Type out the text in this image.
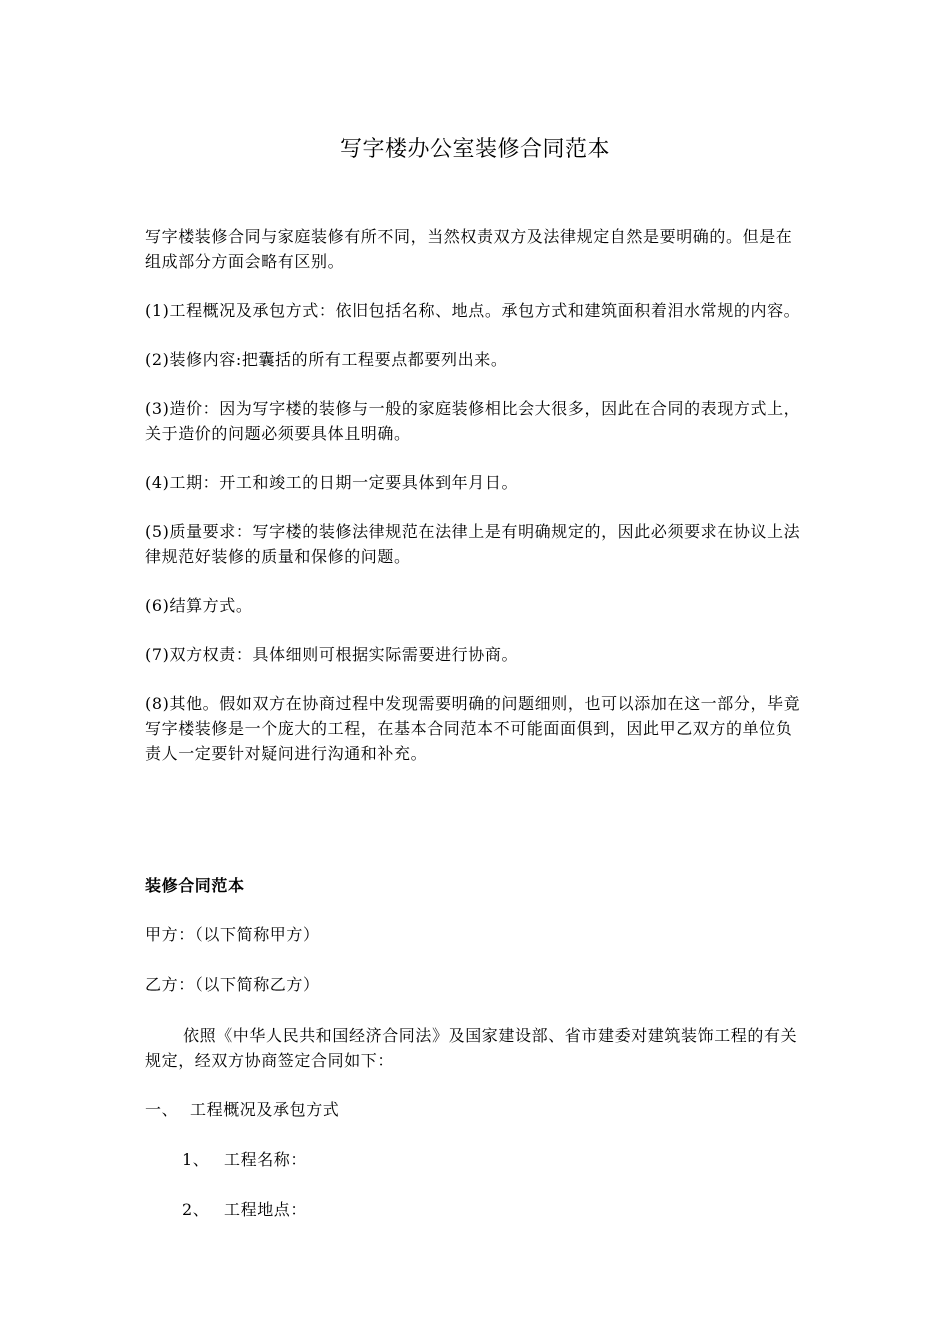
写字楼办公室装修合同范本

写字楼装修合同与家庭装修有所不同，当然权责双方及法律规定自然是要明确的。但是在组成部分方面会略有区别。

(1)工程概况及承包方式：依旧包括名称、地点。承包方式和建筑面积着泪水常规的内容。

(2)装修内容:把囊括的所有工程要点都要列出来。

(3)造价：因为写字楼的装修与一般的家庭装修相比会大很多，因此在合同的表现方式上，关于造价的问题必须要具体且明确。

(4)工期：开工和竣工的日期一定要具体到年月日。

(5)质量要求：写字楼的装修法律规范在法律上是有明确规定的，因此必须要求在协议上法律规范好装修的质量和保修的问题。

(6)结算方式。

(7)双方权责：具体细则可根据实际需要进行协商。

(8)其他。假如双方在协商过程中发现需要明确的问题细则，也可以添加在这一部分，毕竟写字楼装修是一个庞大的工程，在基本合同范本不可能面面俱到，因此甲乙双方的单位负责人一定要针对疑问进行沟通和补充。

装修合同范本
甲方：（以下简称甲方）
乙方：（以下简称乙方）
依照《中华人民共和国经济合同法》及国家建设部、省市建委对建筑装饰工程的有关规定，经双方协商签定合同如下：
一、 工程概况及承包方式
1、 工程名称：
2、 工程地点：
